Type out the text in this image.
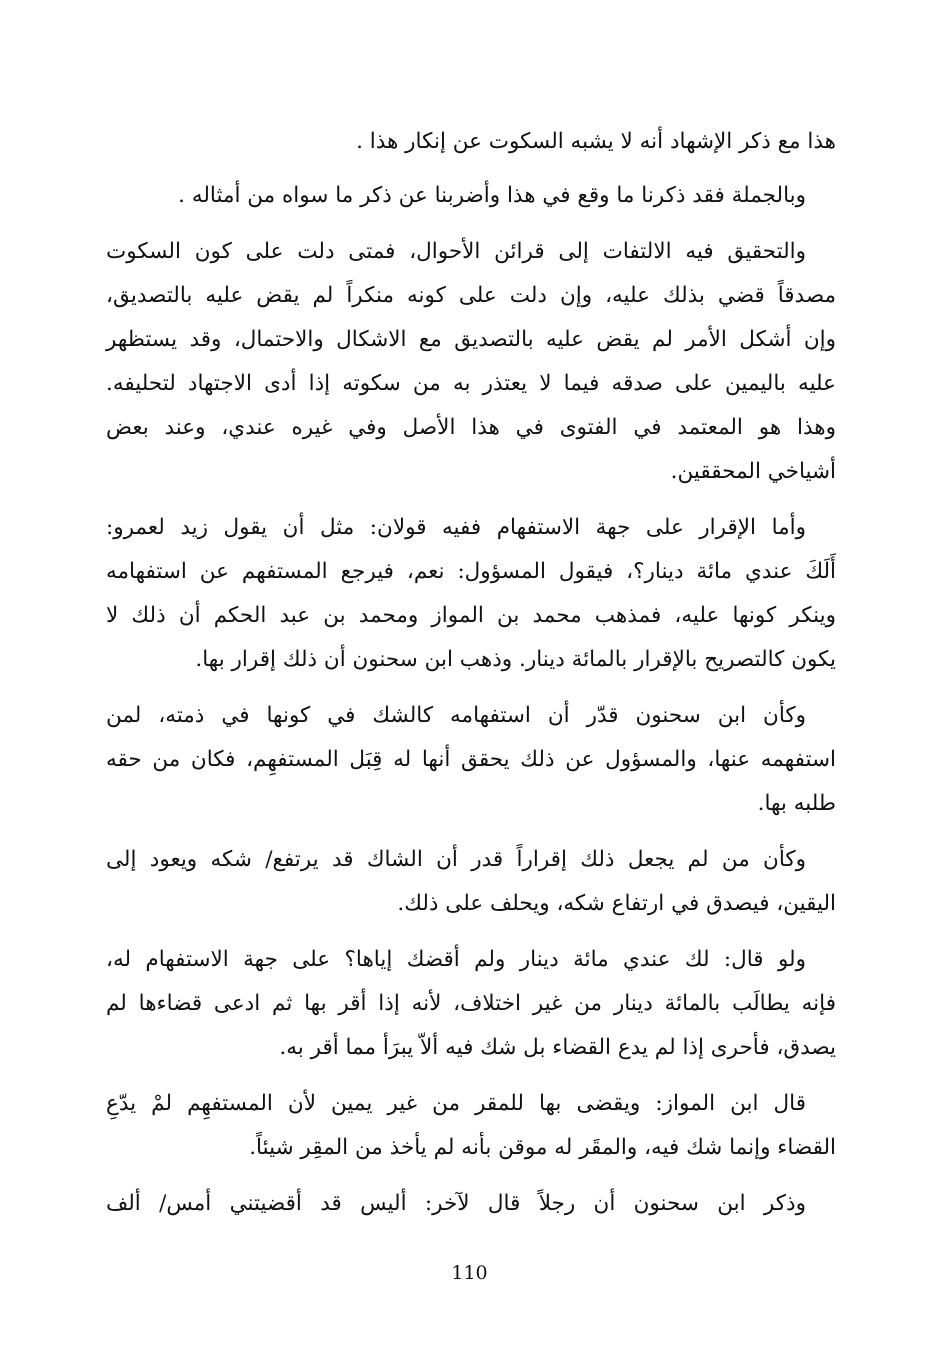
هذا مع ذكر الإشهاد أنه لا يشبه السكوت عن إنكار هذا .
وبالجملة فقد ذكرنا ما وقع في هذا وأضربنا عن ذكر ما سواه من أمثاله .
والتحقيق فيه الالتفات إلى قرائن الأحوال، فمتى دلت على كون السكوت
مصدقاً قضي بذلك عليه، وإن دلت على كونه منكراً لم يقض عليه بالتصديق،
وإن أشكل الأمر لم يقض عليه بالتصديق مع الاشكال والاحتمال، وقد يستظهر
عليه باليمين على صدقه فيما لا يعتذر به من سكوته إذا أدى الاجتهاد لتحليفه.
وهذا هو المعتمد في الفتوى في هذا الأصل وفي غيره عندي، وعند بعض
أشياخي المحققين.
وأما الإقرار على جهة الاستفهام ففيه قولان: مثل أن يقول زيد لعمرو:
أَلَكَ عندي مائة دينار؟، فيقول المسؤول: نعم، فيرجع المستفهم عن استفهامه
وينكر كونها عليه، فمذهب محمد بن المواز ومحمد بن عبد الحكم أن ذلك لا
يكون كالتصريح بالإقرار بالمائة دينار. وذهب ابن سحنون أن ذلك إقرار بها.
وكأن ابن سحنون قدّر أن استفهامه كالشك في كونها في ذمته، لمن
استفهمه عنها، والمسؤول عن ذلك يحقق أنها له قِبَل المستفهِم، فكان من حقه
طلبه بها.
وكأن من لم يجعل ذلك إقراراً قدر أن الشاك قد يرتفع/ شكه ويعود إلى
اليقين، فيصدق في ارتفاع شكه، ويحلف على ذلك.
ولو قال: لك عندي مائة دينار ولم أقضك إياها؟ على جهة الاستفهام له،
فإنه يطالَب بالمائة دينار من غير اختلاف، لأنه إذا أقر بها ثم ادعى قضاءها لم
يصدق، فأحرى إذا لم يدع القضاء بل شك فيه ألاّ يبرَأ مما أقر به.
قال ابن المواز: ويقضى بها للمقر من غير يمين لأن المستفهِم لمْ يدّعِ
القضاء وإنما شك فيه، والمقَر له موقن بأنه لم يأخذ من المقِر شيئاً.
وذكر ابن سحنون أن رجلاً قال لآخر: أليس قد أقضيتني أمس/ ألف
110
